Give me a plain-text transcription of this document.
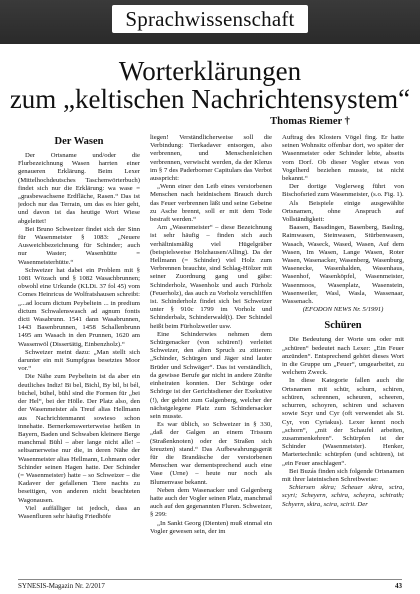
Sprachwissenschaft
Worterklärungen
zum „keltischen Nachrichtensystem“
Thomas Riemer †
Der Wasen

Der Ortsname und/oder die Flurbezeichnung Wasen harrten einer genaueren Erklärung. Beim Lexer (Mittelhochdeutsches Taschenwörterbuch) findet sich nur die Erklärung: wa wase = „grasbewachsene Erdfläche, Rasen.“ Das ist jedoch nur das Terrain, um das es hier geht, und davon ist das heutige Wort Wiese abgeleitet!

Bei Bruno Schweizer findet sich der Sinn für Wasenmeister § 1083: „Neuere Ausweichbezeichnung für Schinder; auch nur Waster; Wasenhütte = Wasenmeisterhütte.“

Schweizer hat dabei ein Problem mit § 1081 Wözach und § 1082 Wasachbrunnen; obwohl eine Urkunde (KLDi. 37 fol 45) vom Comes Heinricus de Wolfratshausen schreibt: „...ad locum dictum Peybeltein ... in predium dictum Schwalenswasch ad agnum fontis dicti Wasabrunn. 1541 dann Wasabrunnen, 1443 Basenbrunnen, 1458 Schallenbrunn 1495 am Wasach in den Prunnen, 1620 am Wassenwöl (Dissertätig, Einbenzholz).“

Schweizer meint dazu: „Man stellt sich darunter ein mit Sumpfgras besetztes Moor vor.“

Die Nähe zum Peybeltein ist da aber ein deutliches Indiz! Bi bel, Bichl, By bil, bi bél, büchel, bühel, bühl sind die Formen für „bei der Hel“, bei der Hölle. Der Platz also, den der Wasenmeister als Treuf alias Hellmann aus Nachrichtenmannt sowieso schon innehatte. Bernerkenswerterweise heißen in Bayern, Baden und Schwaben kleinere Berge manchmal Bühl – aber lange nicht alle! – seltsamerweise nur die, in deren Nähe der Wasenmeister alias Hellmann, Lohmann oder Schinder seinen Hagen hatte. Der Schinder (= Wasenmeister) hatte – so Schweizer – die Kadaver der gefallenen Tiere nachts zu beseitigen, von anderen nicht beachteten Wagonausen.

Viel auffälliger ist jedoch, dass an Wasenfluren sehr häufig Friedhöfe

liegen! Verständlicherweise soll die Verbindung: Tierkadaver entsorgen, also verbrennen, und Menschenleichen verbrennen, verwischt werden, da der Klerus im § 7 des Paderborner Capitulars das Verbot ausspricht:

„Wenn einer den Leib eines verstorbenen Menschen nach heidnischem Brauch durch das Feuer verbrennen läßt und seine Gebeine zu Asche brennt, soll er mit dem Tode bestraft werden.“

Am „Wasenmeister“ – diese Bezeichnung ist sehr häufig – finden sich auch verhältnismäßig viel Hügelgräber (beispielsweise Holzhausen/Alling). Da der Hellmann (= Schinder) viel Holz zum Verbrennen brauchte, sind Schlag-Hölzer mit seiner Zuordnung gang und gäbe: Schinderholz, Wasenholz und auch Fürholz (Feuerholz), das auch zu Vorholz verschliffen ist. Schinderholz findet sich bei Schweizer unter § 910c 1799 im Vorholz und Schinderbalz, Schinderwald(t). Der Schindel heißt beim Fürholzweiler usw.

Eine Schinderwies nehmen dem Schürgenacker (von schüren!) verleitet Schweizer, den alten Spruch zu zitieren: „Schinder, Schürgen und Jäger sind lauter Brüder und Schwäger“. Das ist verständlich, da gewisse Berufe gar nicht in andere Zünfte einheiraten konnten. Der Schürge oder Schörge ist der Gerichtsdiener der Exekutive (!), der gehört zum Galgenberg, welcher der nächstgelegene Platz zum Schindersacker sein musste.

Es war üblich, so Schweizer in § 330, „daß der Galgen an einem Trissum (Straßenknoten) oder der Straßen sich kreuzten) stand.“ Das Aufbewahrungsgerät für die Brandäsche der verstorbenen Menschen war dementsprechend auch eine Vase (Urne) – heute nur noch als Blumenvase bekannt.

Neben dem Wasenacker und Galgenberg hatte auch der Vogler seinen Platz, manchmal auch auf den gegenannten Fluren. Schweizer, § 299:

„In Sankt Georg (Dienten) muß einmal ein Vogler gewesen sein, der im

Auftrag des Klosters Vögel fing. Er hatte seinen Wohnsitz offenbar dort, wo später der Wasenmeister oder Schinder lebte, abseits vom Dorf. Ob dieser Vogler etwas von Vogelherd beziehen musste, ist nicht bekannt.“

Der dortige Voglerweg führt von Bischofsried zum Wasenmeister, (s.o. Fig. 1).

Als Beispiele einige ausgewählte Ortsnamen, ohne Anspruch auf Vollständigkeit:

Baasen, Basadingen, Basenberg, Basling, Raimwasen, Steinwasen, Stürbenwasen, Wasach, Waseck, Wased, Wasen, Auf dem Wasen, Im Wasen, Lange Wasen, Roter Wasen, Wasenacker, Wasenberg, Wasenburg, Wasenecke, Wasenhalden, Wasenhaus, Wasenhof, Wasenköpfel, Wasenmeister, Wasenmoos, Wasenplatz, Wasenstein, Wasenweiler, Wasl, Wasla, Wassenaar, Wassenach.

(EFODON NEWS Nr. 5/1991)

Schüren

Die Bedeutung der Worte um oder mit „schüren“ bedeutet nach Lexer: „Ein Feuer anzünden“. Entsprechend gehört dieses Wort in die Gruppe um „Feuer“, umgearbeitet, zu welchem Zweck.

In diese Kategorie fallen auch die Ortsnamen mit schür, schurn, schiren, schüren, schrennen, scheuren, scheeren, schurren, schoyren, schiren und schaven sowie Scyr und Cyr (oft verwendet als St. Cyr, von Cyriakus). Lexer kennt noch „schorn“, „mit der Schaufel arbeiten, zusammenkehren“. Schürpfen ist der Schinder (Wasenmeister). Henker, Martertechnik: schürpfen (und schüren), ist „ein Feuer anschlagen“.

Bei Buzás finden sich folgende Ortsnamen mit ihrer lateinischen Schreibweise:

Schiersen skira; Scheuer skira, scira, scyri; Scheyern, schira, scheyra, schirath; Schyern, skira, scira, scirii. Der

SYNESIS-Magazin Nr. 2/2017	43
